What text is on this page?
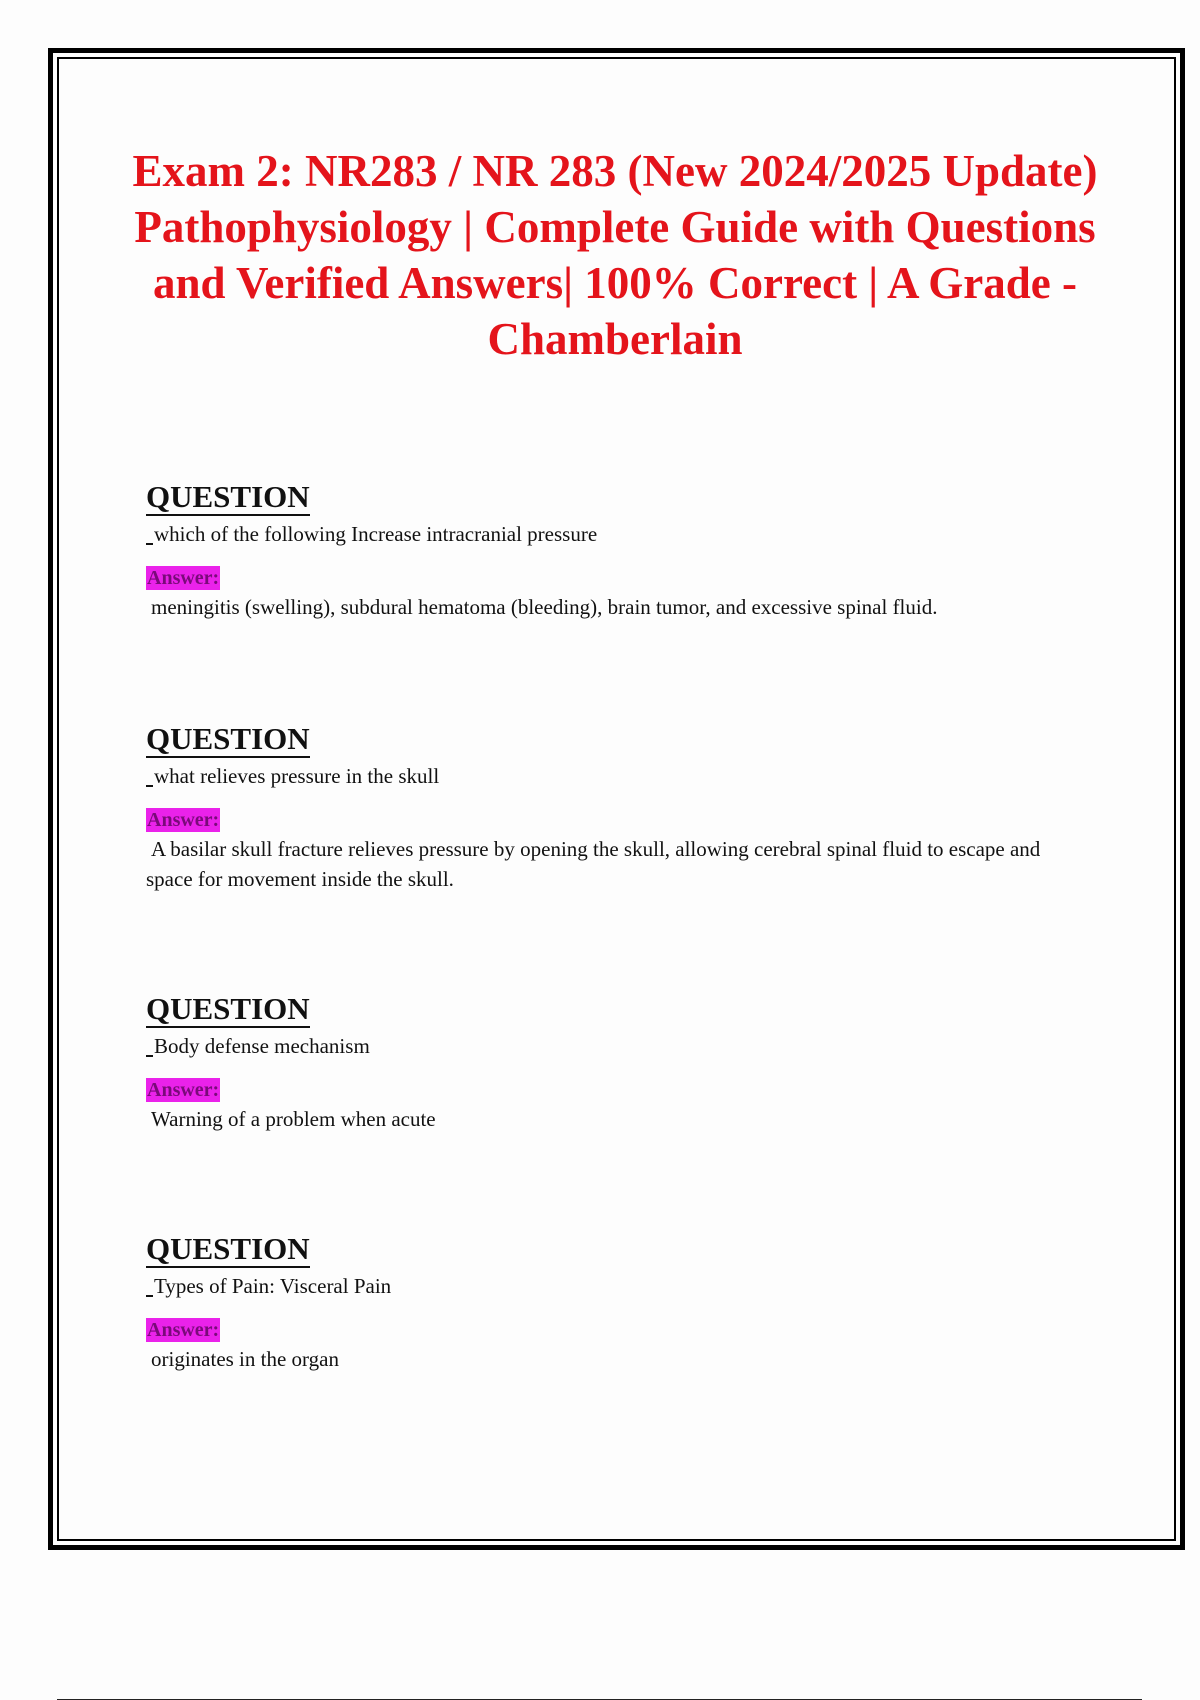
Exam 2: NR283 / NR 283 (New 2024/2025 Update) Pathophysiology | Complete Guide with Questions and Verified Answers| 100% Correct | A Grade -Chamberlain
QUESTION
which of the following Increase intracranial pressure
Answer:
meningitis (swelling), subdural hematoma (bleeding), brain tumor, and excessive spinal fluid.
QUESTION
what relieves pressure in the skull
Answer:
A basilar skull fracture relieves pressure by opening the skull, allowing cerebral spinal fluid to escape and space for movement inside the skull.
QUESTION
Body defense mechanism
Answer:
Warning of a problem when acute
QUESTION
Types of Pain: Visceral Pain
Answer:
originates in the organ
